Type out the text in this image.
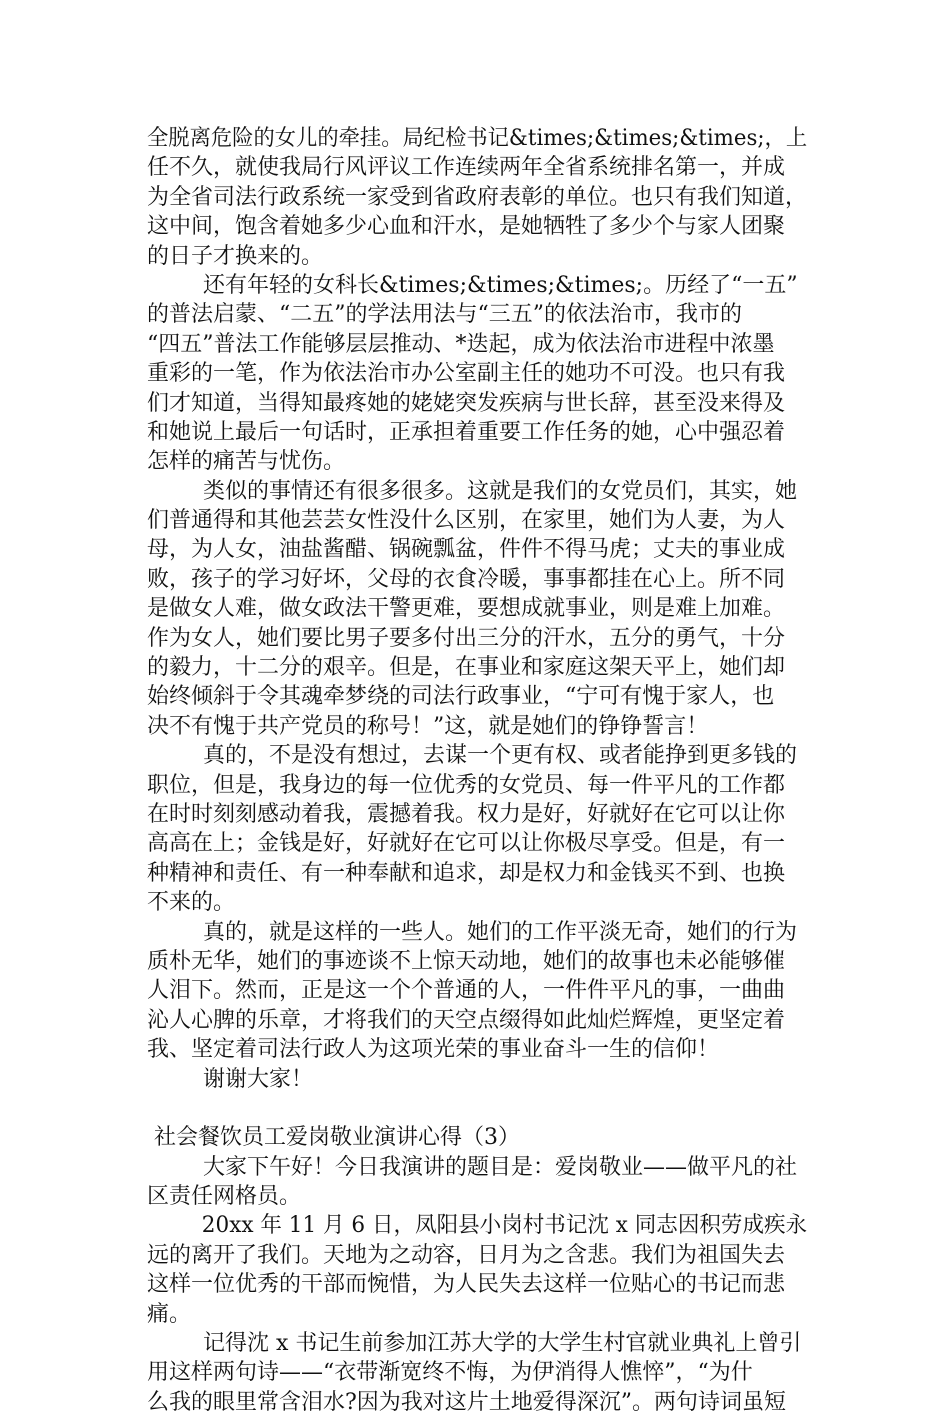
全脱离危险的女儿的牵挂。局纪检书记&times;&times;&times;，上
任不久，就使我局行风评议工作连续两年全省系统排名第一，并成
为全省司法行政系统一家受到省政府表彰的单位。也只有我们知道，
这中间，饱含着她多少心血和汗水，是她牺牲了多少个与家人团聚
的日子才换来的。
还有年轻的女科长&times;&times;&times;。历经了“一五”
的普法启蒙、“二五”的学法用法与“三五”的依法治市，我市的
“四五”普法工作能够层层推动、*迭起，成为依法治市进程中浓墨
重彩的一笔，作为依法治市办公室副主任的她功不可没。也只有我
们才知道，当得知最疼她的姥姥突发疾病与世长辞，甚至没来得及
和她说上最后一句话时，正承担着重要工作任务的她，心中强忍着
怎样的痛苦与忧伤。
类似的事情还有很多很多。这就是我们的女党员们，其实，她
们普通得和其他芸芸女性没什么区别，在家里，她们为人妻，为人
母，为人女，油盐酱醋、锅碗瓢盆，件件不得马虎；丈夫的事业成
败，孩子的学习好坏，父母的衣食冷暖，事事都挂在心上。所不同
是做女人难，做女政法干警更难，要想成就事业，则是难上加难。
作为女人，她们要比男子要多付出三分的汗水，五分的勇气，十分
的毅力，十二分的艰辛。但是，在事业和家庭这架天平上，她们却
始终倾斜于令其魂牵梦绕的司法行政事业，“宁可有愧于家人，也
决不有愧于共产党员的称号！”这，就是她们的铮铮誓言！
真的，不是没有想过，去谋一个更有权、或者能挣到更多钱的
职位，但是，我身边的每一位优秀的女党员、每一件平凡的工作都
在时时刻刻感动着我，震撼着我。权力是好，好就好在它可以让你
高高在上；金钱是好，好就好在它可以让你极尽享受。但是，有一
种精神和责任、有一种奉献和追求，却是权力和金钱买不到、也换
不来的。
真的，就是这样的一些人。她们的工作平淡无奇，她们的行为
质朴无华，她们的事迹谈不上惊天动地，她们的故事也未必能够催
人泪下。然而，正是这一个个普通的人，一件件平凡的事，一曲曲
沁人心脾的乐章，才将我们的天空点缀得如此灿烂辉煌，更坚定着
我、坚定着司法行政人为这项光荣的事业奋斗一生的信仰！
谢谢大家！
社会餐饮员工爱岗敬业演讲心得（3）
大家下午好！今日我演讲的题目是：爱岗敬业——做平凡的社
区责任网格员。
20xx 年 11 月 6 日，凤阳县小岗村书记沈 x 同志因积劳成疾永
远的离开了我们。天地为之动容，日月为之含悲。我们为祖国失去
这样一位优秀的干部而惋惜，为人民失去这样一位贴心的书记而悲
痛。
记得沈 x 书记生前参加江苏大学的大学生村官就业典礼上曾引
用这样两句诗——“衣带渐宽终不悔，为伊消得人憔悴”，“为什
么我的眼里常含泪水?因为我对这片土地爱得深沉”。两句诗词虽短
